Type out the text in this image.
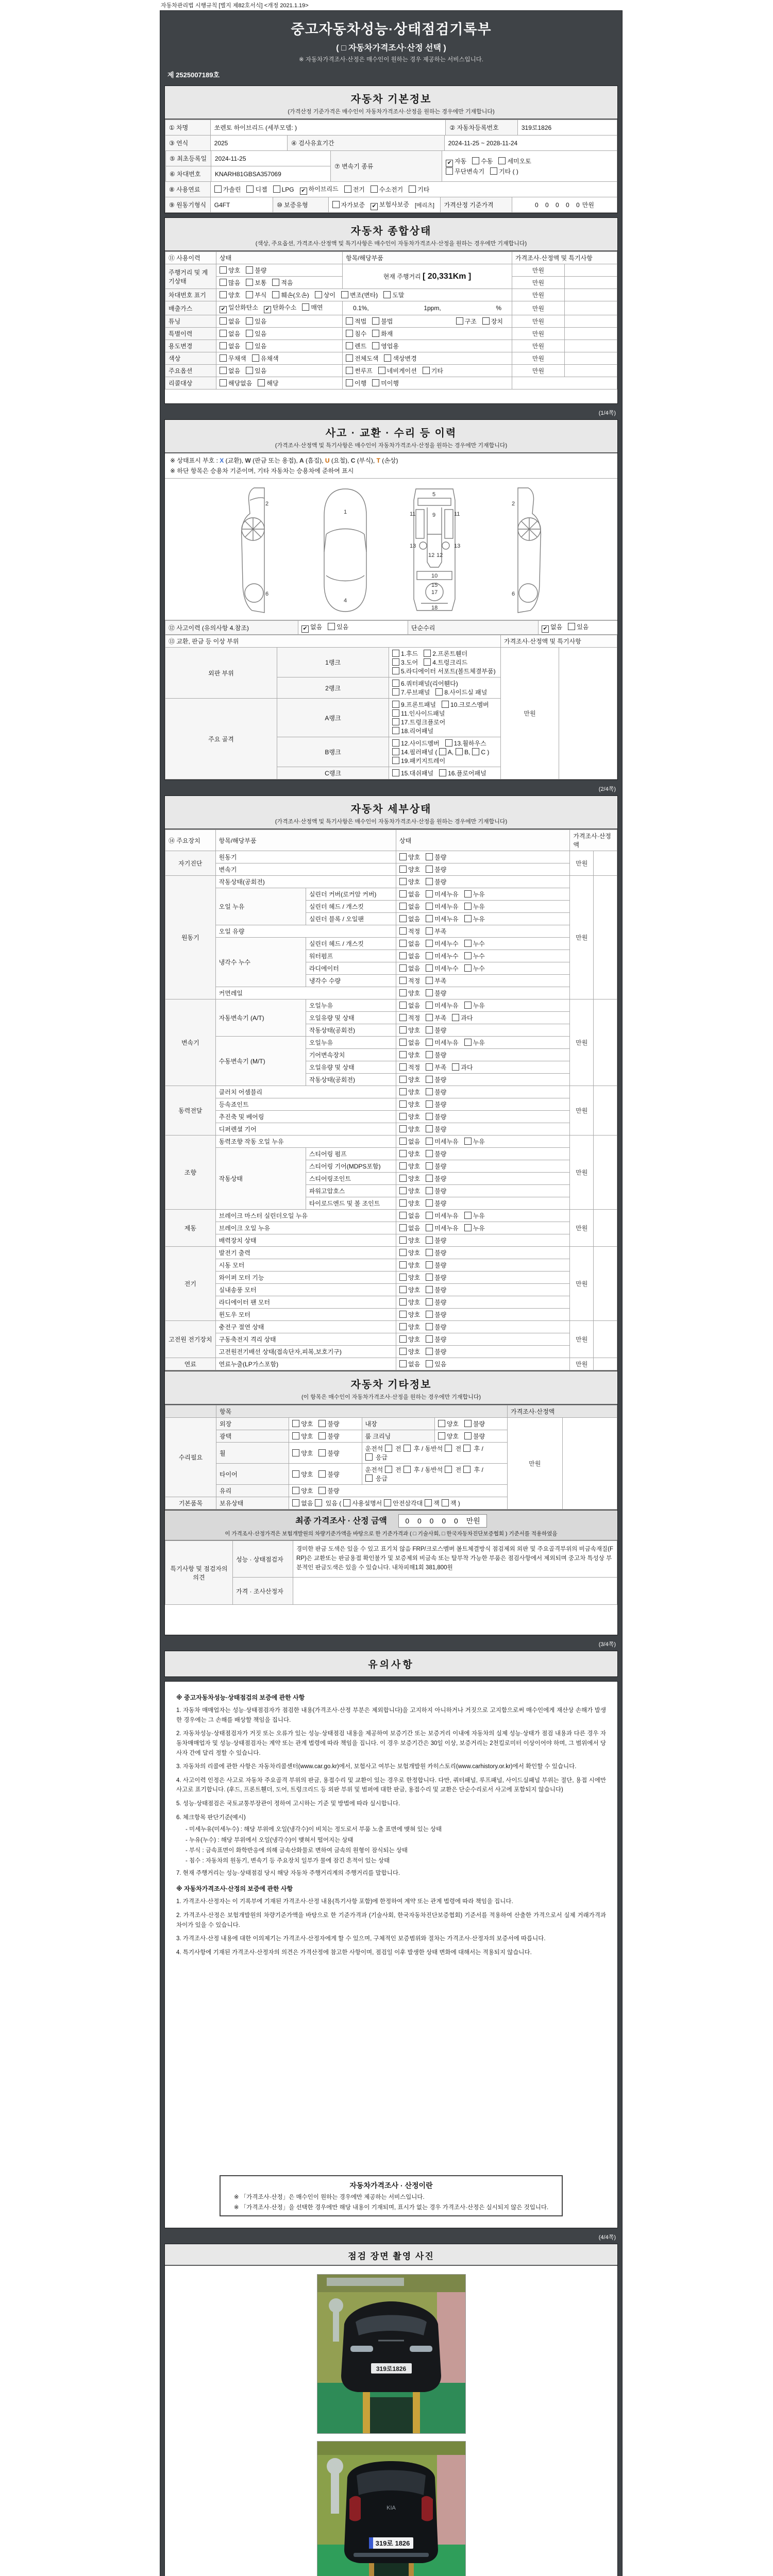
자동차관리법 시행규칙 [별지 제82호서식] <개정 2021.1.19>
중고자동차성능·상태점검기록부
( □ 자동차가격조사·산정 선택 )
※ 자동차가격조사·산정은 매수인이 원하는 경우 제공하는 서비스입니다.
제 2525007189호
자동차 기본정보
(가격산정 기준가격은 매수인이 자동차가격조사·산정을 원하는 경우에만 기재합니다)
① 차명	쏘렌토 하이브리드 (세부모델: )	② 자동차등록번호	319로1826
③ 연식	2025	④ 검사유효기간	2024-11-25 ~ 2028-11-24
⑤ 최초등록일	2024-11-25
⑥ 차대번호	KNARH81GBSA357069
⑦ 변속기 종류	✔ 자동 수동 세미오토
무단변속기 기타 ( )
⑧ 사용연료	가솔린	디젤	LPG ✔ 하이브리드	전기	수소전기	기타
⑨ 원동기형식	G4FT	⑩ 보증유형	자가보증 ✔ 보험사보증 [메리츠]	가격산정 기준가격	0 0 0 0 0 만원
자동차 종합상태
(색상, 주요옵션, 가격조사·산정액 및 특기사항은 매수인이 자동차가격조사·산정을 원하는 경우에만 기재합니다)
⑪ 사용이력	상태	항목/해당부품	가격조사·산정액 및 특기사항	
주행거리 및 계기상태	양호 불량	현재 주행거리 [ 20,331Km ]	만원	
	많음 보통 적음		만원	
차대번호 표기	양호 부식 훼손(오손) 상이 변조(변타) 도말		만원	
배출가스	✔ 일산화탄소 ✔ 탄화수소 매연	0.1%, 1ppm, %	만원	
튜닝	없음 있음	적법 불법 구조 장치	만원	
특별이력	없음 있음	침수 화재	만원	
용도변경	없음 있음	렌트 영업용	만원	
색상	무채색 유채색	전체도색 색상변경	만원	
주요옵션	없음 있음	썬루프 네비게이션 기타	만원	
리콜대상	해당없음 해당	이행 미이행		
(1/4쪽)
사고 · 교환 · 수리 등 이력
(가격조사·산정액 및 특기사항은 매수인이 자동차가격조사·산정을 원하는 경우에만 기재합니다)
※ 상태표시 부호 : X (교환), W (판금 또는 용접), A (흠집), U (요철), C (부식), T (손상)
※ 하단 항목은 승용차 기준이며, 기타 자동차는 승용차에 준하여 표시
2
6
1
4
5
11	11
9
13	13
12 12
10
15
17
18
2
6
⑫ 사고이력 (유의사항 4.참조)	✔ 없음 있음	단순수리	✔ 없음 있음
⑬ 교환, 판금 등 이상 부위			가격조사·산정액 및 특기사항	
외판 부위	1랭크	1.후드 2.프론트휀더3.도어 4.트렁크리드5.라디에이터 서포트(볼트체결부품)	만원	
	2랭크	6.쿼터패널(리어휀다)7.루브패널 8.사이드실 패널		
주요 골격	A랭크	9.프론트패널 10.크로스멤버11.인사이드패널17.트렁크플로어18.리어패널		
	B랭크	12.사이드멤버 13.휠하우스14.필러패널 ( A,B,C )19.패키지트레이		
	C랭크	15.대쉬패널 16.플로어패널		
(2/4쪽)
자동차 세부상태
(가격조사·산정액 및 특기사항은 매수인이 자동차가격조사·산정을 원하는 경우에만 기재합니다)
⑭ 주요장치	항목/해당부품		상태	가격조사·산정액	
자기진단	원동기		양호 불량	만원	
	변속기		양호 불량		
원동기	작동상태(공회전)		양호 불량	만원	
	오일 누유	실린더 커버(로커암 커버)	없음 미세누유 누유		
		실린더 헤드 / 개스킷	없음 미세누유 누유		
		실린더 블록 / 오일팬	없음 미세누유 누유		
	오일 유량		적정 부족		
	냉각수 누수	실린더 헤드 / 개스킷	없음 미세누수 누수		
		워터펌프	없음 미세누수 누수		
		라디에이터	없음 미세누수 누수		
		냉각수 수량	적정 부족		
	커먼레일		양호 불량		
변속기	자동변속기 (A/T)	오일누유	없음 미세누유 누유	만원	
		오일유량 및 상태	적정 부족 과다		
		작동상태(공회전)	양호 불량		
	수동변속기 (M/T)	오일누유	없음 미세누유 누유		
		기어변속장치	양호 불량		
		오일유량 및 상태	적정 부족 과다		
		작동상태(공회전)	양호 불량		
동력전달	클러치 어셈블리		양호 불량	만원	
	등속죠인트		양호 불량		
	추진축 및 베어링		양호 불량		
	디퍼렌셜 기어		양호 불량		
조향	동력조향 작동 오일 누유		없음 미세누유 누유	만원	
	작동상태	스티어링 펌프	양호 불량		
		스티어링 기어(MDPS포함)	양호 불량		
		스티어링조인트	양호 불량		
		파워고압호스	양호 불량		
		타이로드엔드 및 볼 조인트	양호 불량		
제동	브레이크 마스터 실린더오일 누유		없음 미세누유 누유	만원	
	브레이크 오일 누유		없음 미세누유 누유		
	배력장치 상태		양호 불량		
전기	발전기 출력		양호 불량	만원	
	시동 모터		양호 불량		
	와이퍼 모터 기능		양호 불량		
	실내송풍 모터		양호 불량		
	라디에이터 팬 모터		양호 불량		
	윈도우 모터		양호 불량		
고전원 전기장치	충전구 절연 상태		양호 불량	만원	
	구동축전지 격리 상태		양호 불량		
	고전원전기배선 상태(접속단자,피복,보호기구)		양호 불량		
연료	연료누출(LP가스포함)		없음 있음	만원	
자동차 기타정보
(이 항목은 매수인이 자동차가격조사·산정을 원하는 경우에만 기재합니다)
	항목				가격조사·산정액	
수리필요	외장	양호 불량	내장	양호 불량	만원	
	광택	양호 불량	룸 크리닝	양호 불량		
	휠	양호 불량	운전석  전 후 / 동반석 전 후 / 응급			
	타이어	양호 불량	운전석  전 후 / 동반석 전 후 / 응급			
	유리	양호 불량				
기본품목	보유상태	없음 있음 (사용설명서안전삼각대잭잭 )				
최종 가격조사 · 산정 금액	0 0 0 0 0 만원
이 가격조사·산정가격은 보험개발원의 차량기준가액을 바탕으로 한 기준가격과 ( □ 기술사회, □ 한국자동차진단보증협회 ) 기준서를 적용하였음
특기사항 및 점검자의 의견	성능 · 상태점검자	경미한 판금 도색은 있을 수 있고 표기치 않음 FRP/크로스멤버 볼트체결방식 점검제외 외판 및 주요골격부위의 비금속재질(FRP)은 교환또는 판금용접 확인불가 및 보증제외 비금속 또는 탈부착 가능한 부품은 점검사항에서 제외되며 중고차 특성상 부분적인 판금도색은 있을 수 있습니다. 내차피해1회 381,800원
	가격 · 조사산정자	
(3/4쪽)
유의사항
※ 중고자동차성능·상태점검의 보증에 관한 사항
1. 자동차 매매업자는 성능·상태점검자가 점검한 내용(가격조사·산정 부분은 제외합니다)을 고지하지 아니하거나 거짓으로 고지함으로써 매수인에게 재산상 손해가 발생한 경우에는 그 손해를 배상할 책임을 집니다.
2. 자동차성능·상태점검자가 거짓 또는 오류가 있는 성능·상태점검 내용을 제공하여 보증기간 또는 보증거리 이내에 자동차의 실제 성능·상태가 점검 내용과 다른 경우 자동차매매업자 및 성능·상태점검자는 계약 또는 관계 법령에 따라 책임을 집니다. 이 경우 보증기간은 30일 이상, 보증거리는 2천킬로미터 이상이어야 하며, 그 범위에서 당사자 간에 달리 정할 수 있습니다.
3. 자동차의 리콜에 관한 사항은 자동차리콜센터(www.car.go.kr)에서, 보험사고 여부는 보험개발원 카히스토리(www.carhistory.or.kr)에서 확인할 수 있습니다.
4. 사고이력 인정은 사고로 자동차 주요골격 부위의 판금, 용접수리 및 교환이 있는 경우로 한정합니다. 다만, 쿼터패널, 루프패널, 사이드실패널 부위는 절단, 용접 시에만 사고로 표기합니다. (후드, 프론트휀더, 도어, 트렁크리드 등 외판 부위 및 범퍼에 대한 판금, 용접수리 및 교환은 단순수리로서 사고에 포함되지 않습니다)
5. 성능·상태점검은 국토교통부장관이 정하여 고시하는 기준 및 방법에 따라 실시합니다.
6. 체크항목 판단기준(예시)
- 미세누유(미세누수) : 해당 부위에 오일(냉각수)이 비치는 정도로서 부품 노출 표면에 맺혀 있는 상태
- 누유(누수) : 해당 부위에서 오일(냉각수)이 맺혀서 떨어지는 상태
- 부식 : 금속표면이 화학반응에 의해 금속산화물로 변하여 금속의 원형이 잠식되는 상태
- 침수 : 자동차의 원동기, 변속기 등 주요장치 일부가 물에 잠긴 흔적이 있는 상태
7. 현재 주행거리는 성능·상태점검 당시 해당 자동차 주행거리계의 주행거리를 말합니다.
※ 자동차가격조사·산정의 보증에 관한 사항
1. 가격조사·산정자는 이 기록부에 기재된 가격조사·산정 내용(특기사항 포함)에 한정하여 계약 또는 관계 법령에 따라 책임을 집니다.
2. 가격조사·산정은 보험개발원의 차량기준가액을 바탕으로 한 기준가격과 (기술사회, 한국자동차진단보증협회) 기준서를 적용하여 산출한 가격으로서 실제 거래가격과 차이가 있을 수 있습니다.
3. 가격조사·산정 내용에 대한 이의제기는 가격조사·산정자에게 할 수 있으며, 구체적인 보증범위와 절차는 가격조사·산정자의 보증서에 따릅니다.
4. 특기사항에 기재된 가격조사·산정자의 의견은 가격산정에 참고한 사항이며, 점검일 이후 발생한 상태 변화에 대해서는 적용되지 않습니다.
자동차가격조사 · 산정이란
※ 「가격조사·산정」은 매수인이 원하는 경우에만 제공하는 서비스입니다.
※ 「가격조사·산정」을 선택한 경우에만 해당 내용이 기재되며, 표시가 없는 경우 가격조사·산정은 실시되지 않은 것입니다.
(4/4쪽)
점검 장면 촬영 사진
319로1826
319로 1826
KIA
